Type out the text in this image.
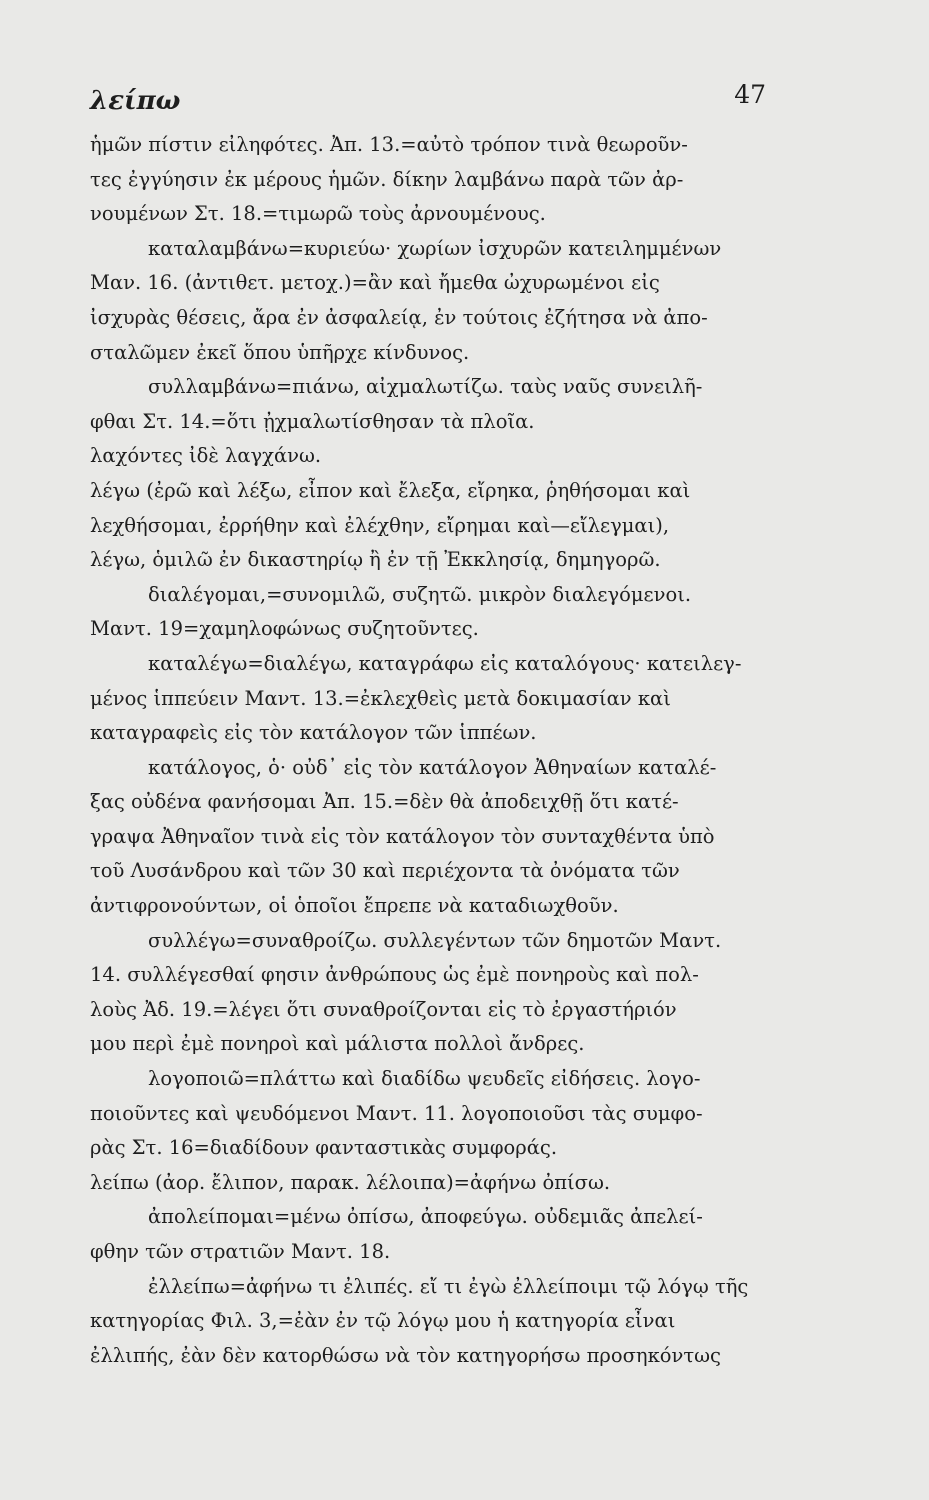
λείπω	47
ἡμῶν πίστιν εἰληφότες. Ἀπ. 13.=αὐτὸ τρόπον τινὰ θεωροῦν-
τες ἐγγύησιν ἐκ μέρους ἡμῶν. δίκην λαμβάνω παρὰ τῶν ἀρ-
νουμένων Στ. 18.=τιμωρῶ τοὺς ἀρνουμένους.
καταλαμβάνω=κυριεύω· χωρίων ἰσχυρῶν κατειλημμένων
Μαν. 16. (ἀντιθετ. μετοχ.)=ἂν καὶ ἤμεθα ὠχυρωμένοι εἰς
ἰσχυρὰς θέσεις, ἄρα ἐν ἀσφαλείᾳ, ἐν τούτοις ἐζήτησα νὰ ἀπο-
σταλῶμεν ἐκεῖ ὅπου ὑπῆρχε κίνδυνος.
συλλαμβάνω=πιάνω, αἰχμαλωτίζω. ταὺς ναῦς συνειλῆ-
φθαι Στ. 14.=ὅτι ᾐχμαλωτίσθησαν τὰ πλοῖα.
λαχόντες ἰδὲ λαγχάνω.
λέγω (ἐρῶ καὶ λέξω, εἶπον καὶ ἔλεξα, εἴρηκα, ῥηθήσομαι καὶ
λεχθήσομαι, ἐρρήθην καὶ ἐλέχθην, εἴρημαι καὶ—εἴλεγμαι),
λέγω, ὁμιλῶ ἐν δικαστηρίῳ ἢ ἐν τῇ Ἐκκλησίᾳ, δημηγορῶ.
διαλέγομαι,=συνομιλῶ, συζητῶ. μικρὸν διαλεγόμενοι.
Μαντ. 19=χαμηλοφώνως συζητοῦντες.
καταλέγω=διαλέγω, καταγράφω εἰς καταλόγους· κατειλεγ-
μένος ἱππεύειν Μαντ. 13.=ἐκλεχθεὶς μετὰ δοκιμασίαν καὶ
καταγραφεὶς εἰς τὸν κατάλογον τῶν ἱππέων.
κατάλογος, ὁ· οὐδ᾽ εἰς τὸν κατάλογον Ἀθηναίων καταλέ-
ξας οὐδένα φανήσομαι Ἀπ. 15.=δὲν θὰ ἀποδειχθῇ ὅτι κατέ-
γραψα Ἀθηναῖον τινὰ εἰς τὸν κατάλογον τὸν συνταχθέντα ὑπὸ
τοῦ Λυσάνδρου καὶ τῶν 30 καὶ περιέχοντα τὰ ὀνόματα τῶν
ἀντιφρονούντων, οἱ ὁποῖοι ἔπρεπε νὰ καταδιωχθοῦν.
συλλέγω=συναθροίζω. συλλεγέντων τῶν δημοτῶν Μαντ.
14. συλλέγεσθαί φησιν ἀνθρώπους ὡς ἐμὲ πονηροὺς καὶ πολ-
λοὺς Ἀδ. 19.=λέγει ὅτι συναθροίζονται εἰς τὸ ἐργαστήριόν
μου περὶ ἐμὲ πονηροὶ καὶ μάλιστα πολλοὶ ἄνδρες.
λογοποιῶ=πλάττω καὶ διαδίδω ψευδεῖς εἰδήσεις. λογο-
ποιοῦντες καὶ ψευδόμενοι Μαντ. 11. λογοποιοῦσι τὰς συμφο-
ρὰς Στ. 16=διαδίδουν φανταστικὰς συμφοράς.
λείπω (ἀορ. ἔλιπον, παρακ. λέλοιπα)=ἀφήνω ὀπίσω.
ἀπολείπομαι=μένω ὀπίσω, ἀποφεύγω. οὐδεμιᾶς ἀπελεί-
φθην τῶν στρατιῶν Μαντ. 18.
ἐλλείπω=ἀφήνω τι ἐλιπές. εἴ τι ἐγὼ ἐλλείποιμι τῷ λόγῳ τῆς
κατηγορίας Φιλ. 3,=ἐὰν ἐν τῷ λόγῳ μου ἡ κατηγορία εἶναι
ἐλλιπής, ἐὰν δὲν κατορθώσω νὰ τὸν κατηγορήσω προσηκόντως
